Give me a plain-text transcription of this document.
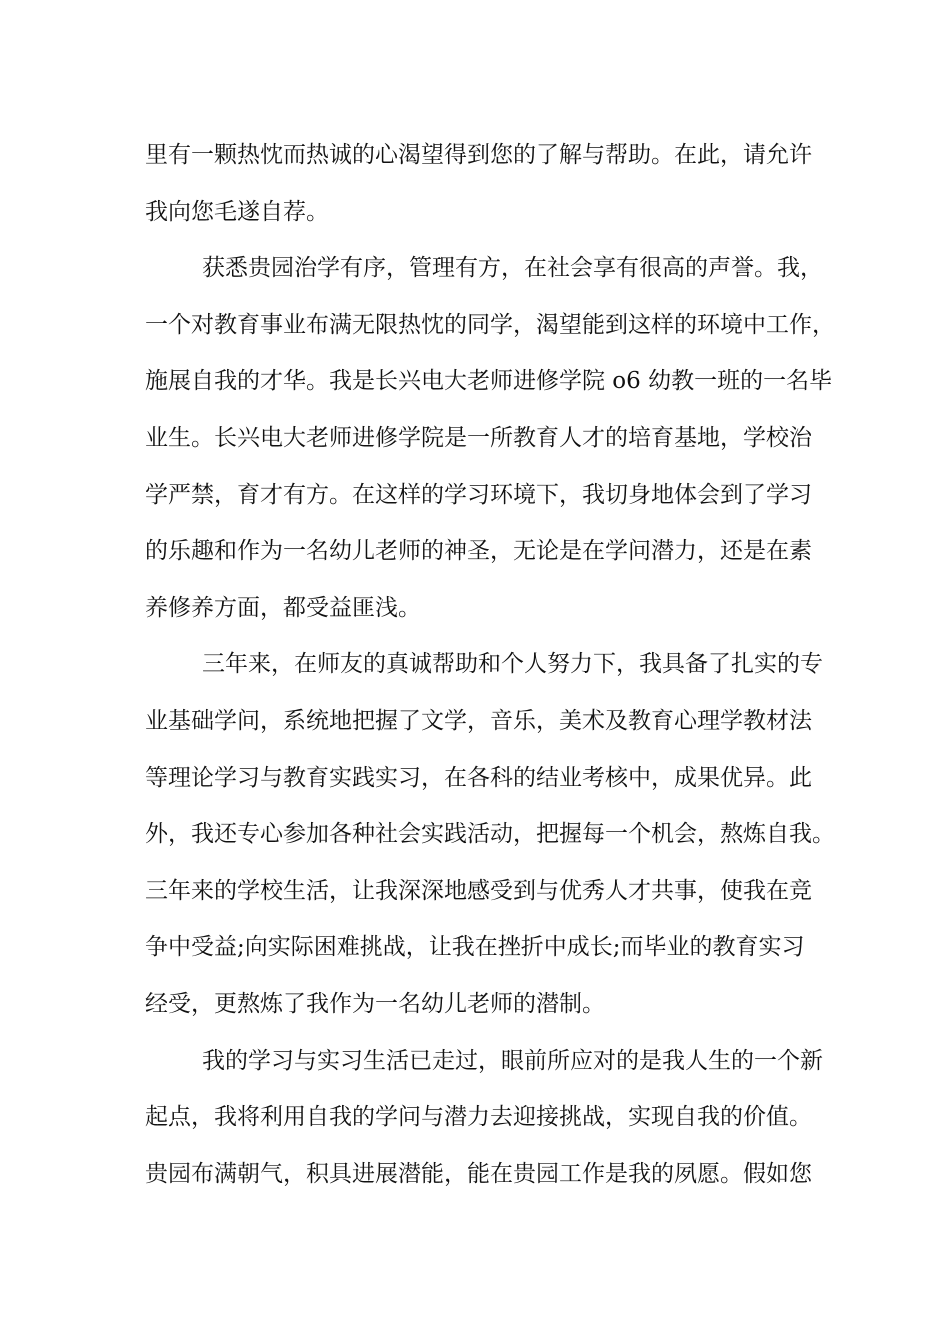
里有一颗热忱而热诚的心渴望得到您的了解与帮助。在此，请允许
我向您毛遂自荐。
获悉贵园治学有序，管理有方，在社会享有很高的声誉。我，
一个对教育事业布满无限热忱的同学，渴望能到这样的环境中工作，
施展自我的才华。我是长兴电大老师进修学院 o6 幼教一班的一名毕
业生。长兴电大老师进修学院是一所教育人才的培育基地，学校治
学严禁，育才有方。在这样的学习环境下，我切身地体会到了学习
的乐趣和作为一名幼儿老师的神圣，无论是在学问潜力，还是在素
养修养方面，都受益匪浅。
三年来，在师友的真诚帮助和个人努力下，我具备了扎实的专
业基础学问，系统地把握了文学，音乐，美术及教育心理学教材法
等理论学习与教育实践实习，在各科的结业考核中，成果优异。此
外，我还专心参加各种社会实践活动，把握每一个机会，熬炼自我。
三年来的学校生活，让我深深地感受到与优秀人才共事，使我在竞
争中受益;向实际困难挑战，让我在挫折中成长;而毕业的教育实习
经受，更熬炼了我作为一名幼儿老师的潜制。
我的学习与实习生活已走过，眼前所应对的是我人生的一个新
起点，我将利用自我的学问与潜力去迎接挑战，实现自我的价值。
贵园布满朝气，积具进展潜能，能在贵园工作是我的夙愿。假如您
